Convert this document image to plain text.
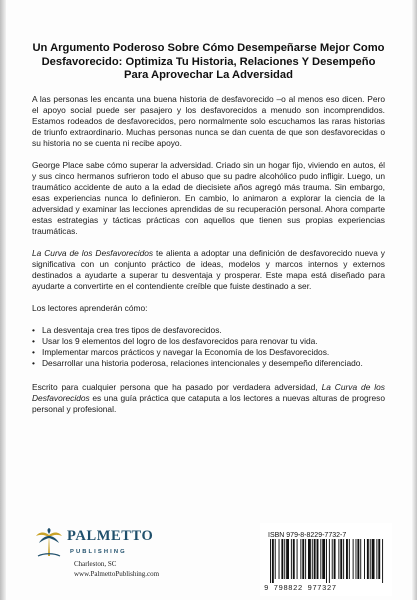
Un Argumento Poderoso Sobre Cómo Desempeñarse Mejor Como Desfavorecido: Optimiza Tu Historia, Relaciones Y Desempeño Para Aprovechar La Adversidad

A las personas les encanta una buena historia de desfavorecido –o al menos eso dicen. Pero el apoyo social puede ser pasajero y los desfavorecidos a menudo son incomprendidos. Estamos rodeados de desfavorecidos, pero normalmente solo escuchamos las raras historias de triunfo extraordinario. Muchas personas nunca se dan cuenta de que son desfavorecidas o su historia no se cuenta ni recibe apoyo.

George Place sabe cómo superar la adversidad. Criado sin un hogar fijo, viviendo en autos, él y sus cinco hermanos sufrieron todo el abuso que su padre alcohólico pudo infligir. Luego, un traumático accidente de auto a la edad de diecisiete años agregó más trauma. Sin embargo, esas experiencias nunca lo definieron. En cambio, lo animaron a explorar la ciencia de la adversidad y examinar las lecciones aprendidas de su recuperación personal. Ahora comparte estas estrategias y tácticas prácticas con aquellos que tienen sus propias experiencias traumáticas.

La Curva de los Desfavorecidos te alienta a adoptar una definición de desfavorecido nueva y significativa con un conjunto práctico de ideas, modelos y marcos internos y externos destinados a ayudarte a superar tu desventaja y prosperar. Este mapa está diseñado para ayudarte a convertirte en el contendiente creíble que fuiste destinado a ser.

Los lectores aprenderán cómo:

• La desventaja crea tres tipos de desfavorecidos.
• Usar los 9 elementos del logro de los desfavorecidos para renovar tu vida.
• Implementar marcos prácticos y navegar la Economía de los Desfavorecidos.
• Desarrollar una historia poderosa, relaciones intencionales y desempeño diferenciado.

Escrito para cualquier persona que ha pasado por verdadera adversidad, La Curva de los Desfavorecidos es una guía práctica que cataputa a los lectores a nuevas alturas de progreso personal y profesional.

PALMETTO
PUBLISHING
Charleston, SC
www.PalmettoPublishing.com
ISBN 979-8-8229-7732-7
9 798822 977327
